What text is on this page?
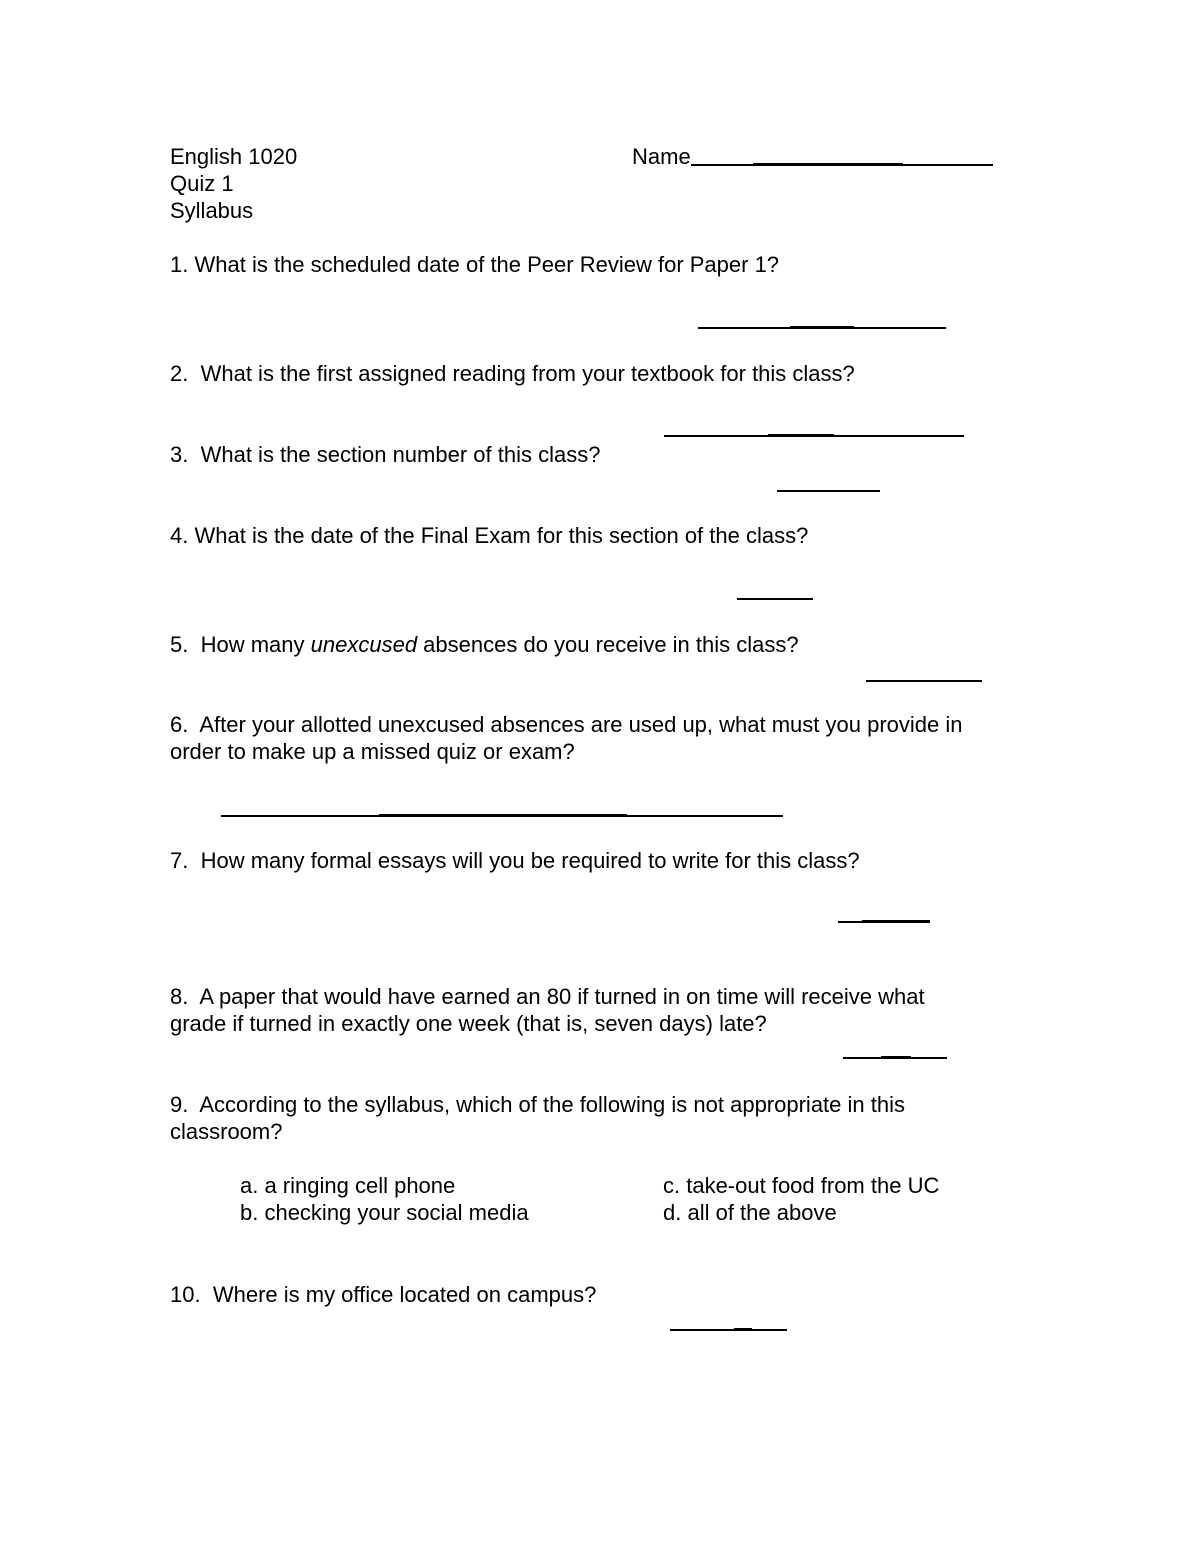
English 1020

Quiz 1

Syllabus

Name

1. What is the scheduled date of the Peer Review for Paper 1?

2. What is the first assigned reading from your textbook for this class?

3. What is the section number of this class?

4. What is the date of the Final Exam for this section of the class?

5. How many unexcused absences do you receive in this class?

6. After your allotted unexcused absences are used up, what must you provide in

order to make up a missed quiz or exam?

7. How many formal essays will you be required to write for this class?

8. A paper that would have earned an 80 if turned in on time will receive what

grade if turned in exactly one week (that is, seven days) late?

9. According to the syllabus, which of the following is not appropriate in this

classroom?

a. a ringing cell phone

b. checking your social media

c. take-out food from the UC

d. all of the above

10. Where is my office located on campus?
